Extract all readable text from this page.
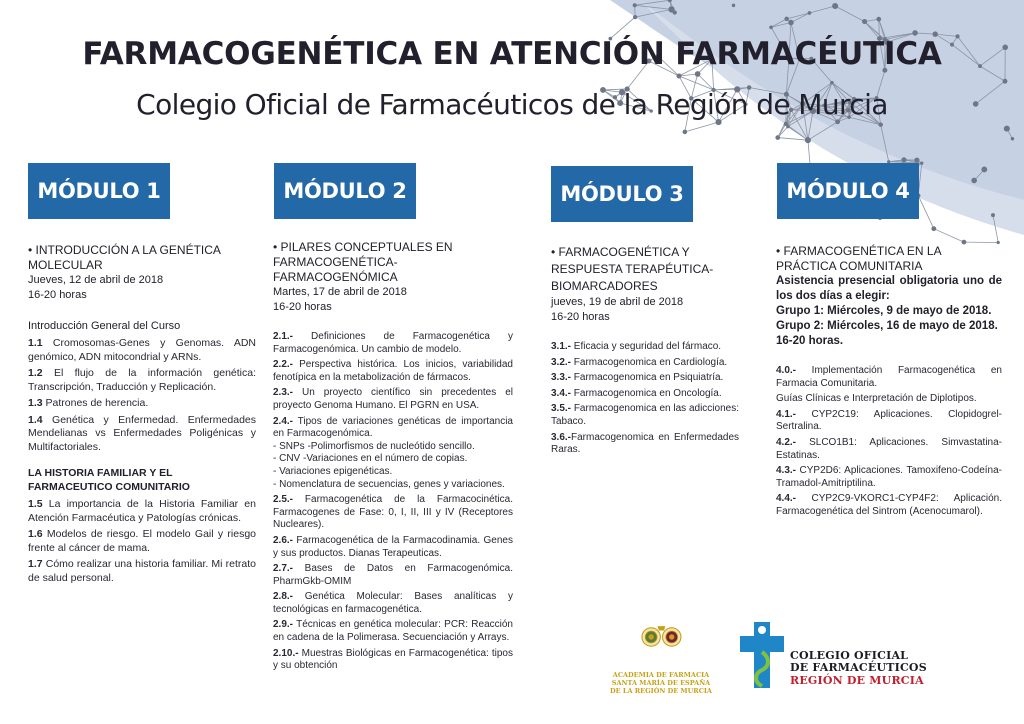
FARMACOGENÉTICA EN ATENCIÓN FARMACÉUTICA
Colegio Oficial de Farmacéuticos de la Región de Murcia
MÓDULO 1	MÓDULO 2	MÓDULO 3	MÓDULO 4

• INTRODUCCIÓN A LA GENÉTICA MOLECULAR

Jueves, 12 de abril de 2018

16-20 horas

Introducción General del Curso

1.1 Cromosomas-Genes y Genomas. ADN genómico, ADN mitocondrial y ARNs.

1.2 El flujo de la información genética: Transcripción, Traducción y Replicación.

1.3 Patrones de herencia.

1.4 Genética y Enfermedad. Enfermedades Mendelianas vs Enfermedades Poligénicas y Multifactoriales.

LA HISTORIA FAMILIAR Y EL FARMACEUTICO COMUNITARIO

1.5 La importancia de la Historia Familiar en Atención Farmacéutica y Patologías crónicas.

1.6 Modelos de riesgo. El modelo Gail y riesgo frente al cáncer de mama.

1.7 Cómo realizar una historia familiar. Mi retrato de salud personal.

• PILARES CONCEPTUALES EN FARMACOGENÉTICA-FARMACOGENÓMICA

Martes, 17 de abril de 2018

16-20 horas

2.1.- Definiciones de Farmacogenética y Farmacogenómica. Un cambio de modelo.

2.2.- Perspectiva histórica. Los inicios, variabilidad fenotípica en la metabolización de fármacos.

2.3.- Un proyecto científico sin precedentes el proyecto Genoma Humano. El PGRN en USA.

2.4.- Tipos de variaciones genéticas de importancia en Farmacogenómica.

- SNPs -Polimorfismos de nucleótido sencillo.

- CNV -Variaciones en el número de copias.

- Variaciones epigenéticas.

- Nomenclatura de secuencias, genes y variaciones.

2.5.- Farmacogenética de la Farmacocinética. Farmacogenes de Fase: 0, I, II, III y IV (Receptores Nucleares).

2.6.- Farmacogenética de la Farmacodinamia. Genes y sus productos. Dianas Terapeuticas.

2.7.- Bases de Datos en Farmacogenómica. PharmGkb-OMIM

2.8.- Genética Molecular: Bases analíticas y tecnológicas en farmacogenética.

2.9.- Técnicas en genética molecular: PCR: Reacción en cadena de la Polimerasa. Secuenciación y Arrays.

2.10.- Muestras Biológicas en Farmacogenética: tipos y su obtención

• FARMACOGENÉTICA Y RESPUESTA TERAPÉUTICA-BIOMARCADORES

jueves, 19 de abril de 2018

16-20 horas

3.1.- Eficacia y seguridad del fármaco.

3.2.- Farmacogenomica en Cardiología.

3.3.- Farmacogenomica en Psiquiatría.

3.4.- Farmacogenomica en Oncología.

3.5.- Farmacogenomica en las adicciones: Tabaco.

3.6.-Farmacogenomica en Enfermedades Raras.

• FARMACOGENÉTICA EN LA PRÁCTICA COMUNITARIA

Asistencia presencial obligatoria uno de los dos días a elegir:

Grupo 1: Miércoles, 9 de mayo de 2018.

Grupo 2: Miércoles, 16 de mayo de 2018.

16-20 horas.

4.0.- Implementación Farmacogenética en Farmacia Comunitaria.

Guías Clínicas e Interpretación de Diplotipos.

4.1.- CYP2C19: Aplicaciones. Clopidogrel-Sertralina.

4.2.- SLCO1B1: Aplicaciones. Simvastatina-Estatinas.

4.3.- CYP2D6: Aplicaciones. Tamoxifeno-Codeína-Tramadol-Amitriptilina.

4.4.- CYP2C9-VKORC1-CYP4F2: Aplicación. Farmacogenética del Sintrom (Acenocumarol).

ACADEMIA DE FARMACIA
SANTA MARÍA DE ESPAÑA
DE LA REGIÓN DE MURCIA
COLEGIO OFICIAL
DE FARMACÉUTICOS
REGIÓN DE MURCIA
